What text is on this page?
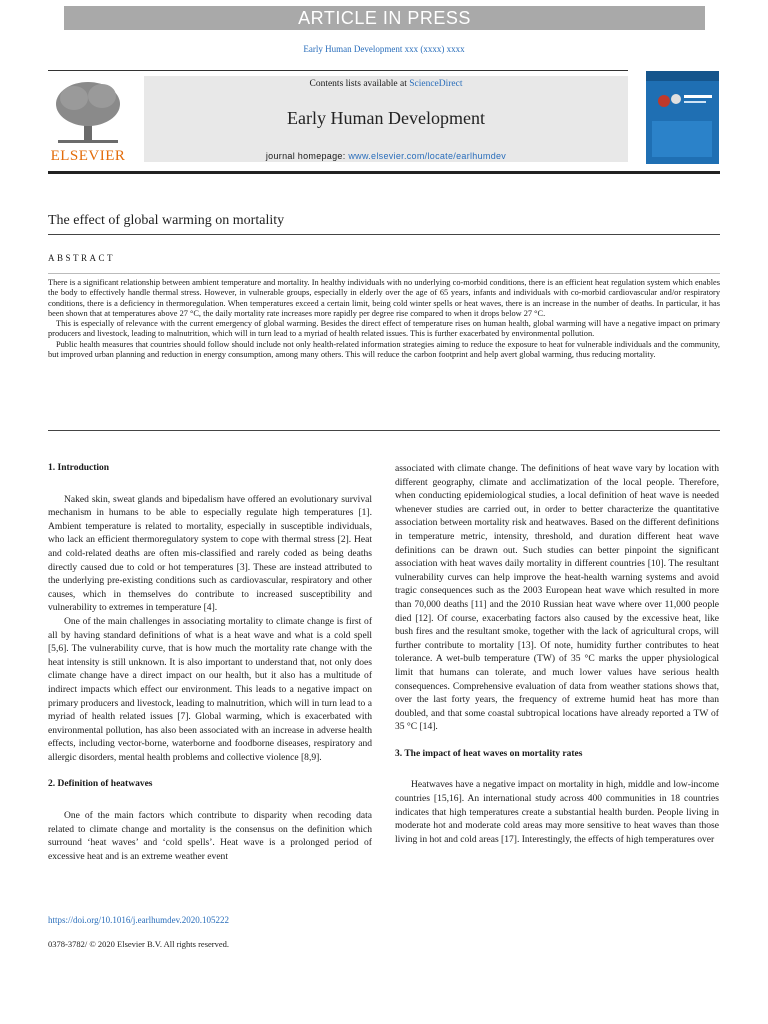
ARTICLE IN PRESS
Early Human Development xxx (xxxx) xxxx
ELSEVIER
Contents lists available at ScienceDirect
Early Human Development
journal homepage: www.elsevier.com/locate/earlhumdev
The effect of global warming on mortality
ABSTRACT

There is a significant relationship between ambient temperature and mortality. In healthy individuals with no underlying co-morbid conditions, there is an efficient heat regulation system which enables the body to effectively handle thermal stress. However, in vulnerable groups, especially in elderly over the age of 65 years, infants and individuals with co-morbid cardiovascular and/or respiratory conditions, there is a deficiency in thermoregulation. When temperatures exceed a certain limit, being cold winter spells or heat waves, there is an increase in the number of deaths. In particular, it has been shown that at temperatures above 27 °C, the daily mortality rate increases more rapidly per degree rise compared to when it drops below 27 °C.

This is especially of relevance with the current emergency of global warming. Besides the direct effect of temperature rises on human health, global warming will have a negative impact on primary producers and livestock, leading to malnutrition, which will in turn lead to a myriad of health related issues. This is further exacerbated by environmental pollution.

Public health measures that countries should follow should include not only health-related information strategies aiming to reduce the exposure to heat for vulnerable individuals and the community, but improved urban planning and reduction in energy consumption, among many others. This will reduce the carbon footprint and help avert global warming, thus reducing mortality.

1. Introduction

Naked skin, sweat glands and bipedalism have offered an evolutionary survival mechanism in humans to be able to especially regulate high temperatures [1]. Ambient temperature is related to mortality, especially in susceptible individuals, who lack an efficient thermoregulatory system to cope with thermal stress [2]. Heat and cold-related deaths are often mis-classified and rarely coded as being deaths directly caused due to cold or hot temperatures [3]. These are instead attributed to the underlying pre-existing conditions such as cardiovascular, respiratory and other causes, which in themselves do contribute to increased susceptibility and vulnerability to extremes in temperature [4].

One of the main challenges in associating mortality to climate change is first of all by having standard definitions of what is a heat wave and what is a cold spell [5,6]. The vulnerability curve, that is how much the mortality rate change with the heat intensity is still unknown. It is also important to understand that, not only does climate change have a direct impact on our health, but it also has a multitude of indirect impacts which effect our environment. This leads to a negative impact on primary producers and livestock, leading to malnutrition, which will in turn lead to a myriad of health related issues [7]. Global warming, which is exacerbated with environmental pollution, has also been associated with an increase in adverse health effects, including vector-borne, waterborne and foodborne diseases, respiratory and allergic disorders, mental health problems and collective violence [8,9].

2. Definition of heatwaves

One of the main factors which contribute to disparity when recoding data related to climate change and mortality is the consensus on the definition which surround ‘heat waves’ and ‘cold spells’. Heat wave is a prolonged period of excessive heat and is an extreme weather event

associated with climate change. The definitions of heat wave vary by location with different geography, climate and acclimatization of the local people. Therefore, when conducting epidemiological studies, a local definition of heat wave is needed whenever studies are carried out, in order to better characterize the quantitative association between mortality risk and heatwaves. Based on the different definitions in temperature metric, intensity, threshold, and duration different heat wave definitions can be drawn out. Such studies can better pinpoint the significant association with heat waves daily mortality in different countries [10]. The resultant vulnerability curves can help improve the heat-health warning systems and avoid tragic consequences such as the 2003 European heat wave which resulted in more than 70,000 deaths [11] and the 2010 Russian heat wave where over 11,000 people died [12]. Of course, exacerbating factors also caused by the excessive heat, like bush fires and the resultant smoke, together with the lack of agricultural crops, will further contribute to mortality [13]. Of note, humidity further contributes to heat tolerance. A wet-bulb temperature (TW) of 35 °C marks the upper physiological limit that humans can tolerate, and much lower values have serious health consequences. Comprehensive evaluation of data from weather stations shows that, over the last forty years, the frequency of extreme humid heat has more than doubled, and that some coastal subtropical locations have already reported a TW of 35 °C [14].

3. The impact of heat waves on mortality rates

Heatwaves have a negative impact on mortality in high, middle and low-income countries [15,16]. An international study across 400 communities in 18 countries indicates that high temperatures create a substantial health burden. People living in moderate hot and moderate cold areas may more sensitive to heat waves than those living in hot and cold areas [17]. Interestingly, the effects of high temperatures over

https://doi.org/10.1016/j.earlhumdev.2020.105222
0378-3782/ © 2020 Elsevier B.V. All rights reserved.
